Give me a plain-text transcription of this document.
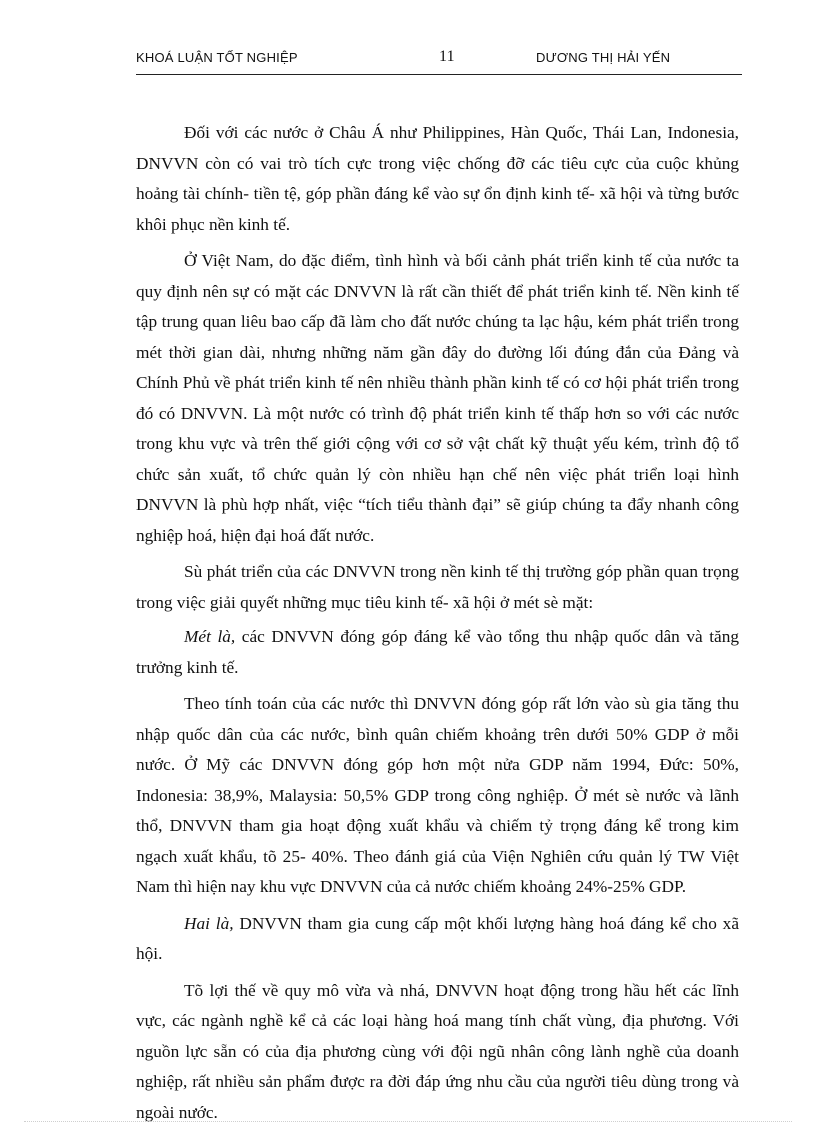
KHOÁ LUẬN TỐT NGHIỆP	11	DƯƠNG THỊ HẢI YẾN

Đối với các nước ở Châu Á như Philippines, Hàn Quốc, Thái Lan, Indonesia, DNVVN còn có vai trò tích cực trong việc chống đỡ các tiêu cực của cuộc khủng hoảng tài chính- tiền tệ, góp phần đáng kể vào sự ổn định kinh tế- xã hội và từng bước khôi phục nền kinh tế.

Ở Việt Nam, do đặc điểm, tình hình và bối cảnh phát triển kinh tế của nước ta quy định nên sự có mặt các DNVVN là rất cần thiết để phát triển kinh tế. Nền kinh tế tập trung quan liêu bao cấp đã làm cho đất nước chúng ta lạc hậu, kém phát triển trong mét thời gian dài, nhưng những năm gần đây do đường lối đúng đắn của Đảng và Chính Phủ về phát triển kinh tế nên nhiều thành phần kinh tế có cơ hội phát triển trong đó có DNVVN. Là một nước có trình độ phát triển kinh tế thấp hơn so với các nước trong khu vực và trên thế giới cộng với cơ sở vật chất kỹ thuật yếu kém, trình độ tổ chức sản xuất, tổ chức quản lý còn nhiều hạn chế nên việc phát triển loại hình DNVVN là phù hợp nhất, việc “tích tiểu thành đại” sẽ giúp chúng ta đẩy nhanh công nghiệp hoá, hiện đại hoá đất nước.

Sù phát triển của các DNVVN trong nền kinh tế thị trường góp phần quan trọng trong việc giải quyết những mục tiêu kinh tế- xã hội ở mét sè mặt:

Mét là, các DNVVN đóng góp đáng kể vào tổng thu nhập quốc dân và tăng trưởng kinh tế.

Theo tính toán của các nước thì DNVVN đóng góp rất lớn vào sù gia tăng thu nhập quốc dân của các nước, bình quân chiếm khoảng trên dưới 50% GDP ở mỗi nước. Ở Mỹ các DNVVN đóng góp hơn một nửa GDP năm 1994, Đức: 50%, Indonesia: 38,9%, Malaysia: 50,5% GDP trong công nghiệp. Ở mét sè nước và lãnh thổ, DNVVN tham gia hoạt động xuất khẩu và chiếm tỷ trọng đáng kể trong kim ngạch xuất khẩu, tõ 25- 40%. Theo đánh giá của Viện Nghiên cứu quản lý TW Việt Nam thì hiện nay khu vực DNVVN của cả nước chiếm khoảng 24%-25% GDP.

Hai là, DNVVN tham gia cung cấp một khối lượng hàng hoá đáng kể cho xã hội.

Tõ lợi thế về quy mô vừa và nhá, DNVVN hoạt động trong hầu hết các lĩnh vực, các ngành nghề kể cả các loại hàng hoá mang tính chất vùng, địa phương. Với nguồn lực sẵn có của địa phương cùng với đội ngũ nhân công lành nghề của doanh nghiệp, rất nhiều sản phẩm được ra đời đáp ứng nhu cầu của người tiêu dùng trong và ngoài nước.
